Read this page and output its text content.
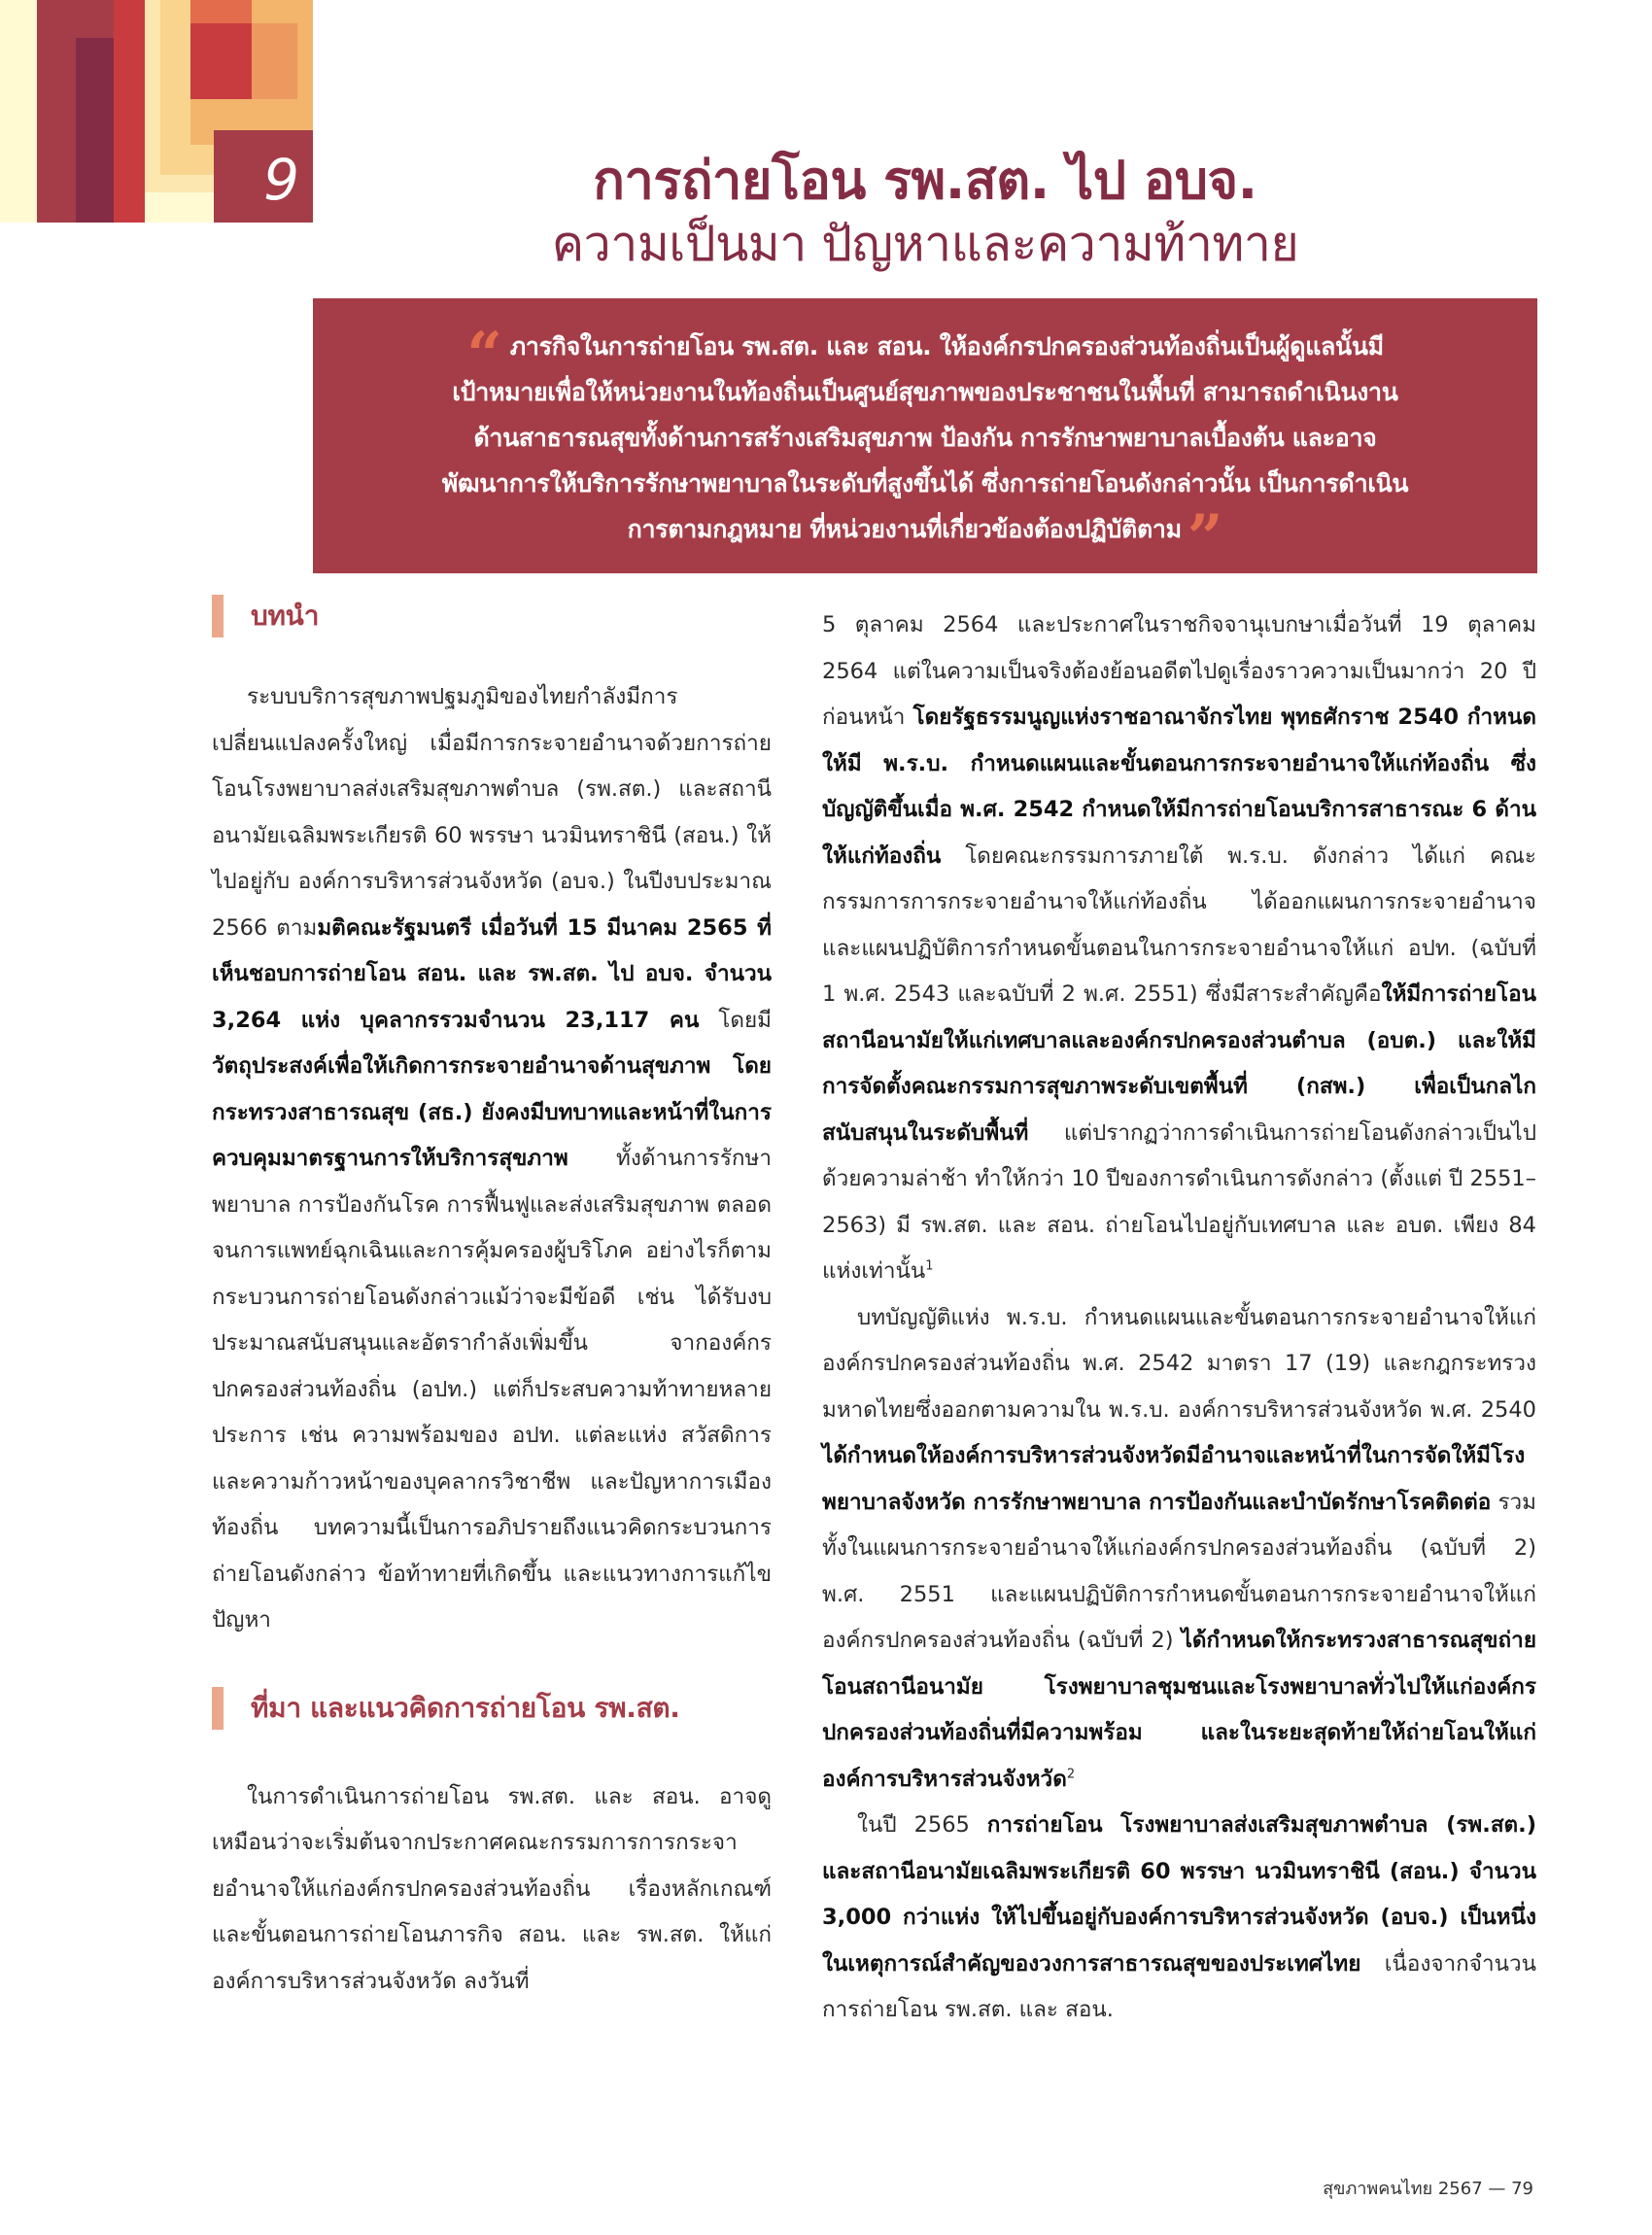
9	การถ่ายโอน รพ.สต. ไป อบจ.
ความเป็นมา ปัญหาและความท้าทาย
“ ภารกิจในการถ่ายโอน รพ.สต. และ สอน. ให้องค์กรปกครองส่วนท้องถิ่นเป็นผู้ดูแลนั้นมี
เป้าหมายเพื่อให้หน่วยงานในท้องถิ่นเป็นศูนย์สุขภาพของประชาชนในพื้นที่ สามารถดำเนินงาน
ด้านสาธารณสุขทั้งด้านการสร้างเสริมสุขภาพ ป้องกัน การรักษาพยาบาลเบื้องต้น และอาจ
พัฒนาการให้บริการรักษาพยาบาลในระดับที่สูงขึ้นได้ ซึ่งการถ่ายโอนดังกล่าวนั้น เป็นการดำเนิน
การตามกฎหมาย ที่หน่วยงานที่เกี่ยวข้องต้องปฏิบัติตาม”
บทนำ

ระบบบริการสุขภาพปฐมภูมิของไทยกำลังมีการเปลี่ยนแปลงครั้งใหญ่ เมื่อมีการกระจายอำนาจด้วยการถ่ายโอนโรงพยาบาลส่งเสริมสุขภาพตำบล (รพ.สต.) และสถานีอนามัยเฉลิมพระเกียรติ 60 พรรษา นวมินทราชินี (สอน.) ให้ไปอยู่กับ องค์การบริหารส่วนจังหวัด (อบจ.) ในปีงบประมาณ 2566 ตามมติคณะรัฐมนตรี เมื่อวันที่ 15 มีนาคม 2565 ที่เห็นชอบการถ่ายโอน สอน. และ รพ.สต. ไป อบจ. จำนวน 3,264 แห่ง บุคลากรรวมจำนวน 23,117 คน โดยมีวัตถุประสงค์เพื่อให้เกิดการกระจายอำนาจด้านสุขภาพ โดยกระทรวงสาธารณสุข (สธ.) ยังคงมีบทบาทและหน้าที่ในการควบคุมมาตรฐานการให้บริการสุขภาพ ทั้งด้านการรักษาพยาบาล การป้องกันโรค การฟื้นฟูและส่งเสริมสุขภาพ ตลอดจนการแพทย์ฉุกเฉินและการคุ้มครองผู้บริโภค อย่างไรก็ตาม กระบวนการถ่ายโอนดังกล่าวแม้ว่าจะมีข้อดี เช่น ได้รับงบประมาณสนับสนุนและอัตรากำลังเพิ่มขึ้น จากองค์กรปกครองส่วนท้องถิ่น (อปท.) แต่ก็ประสบความท้าทายหลายประการ เช่น ความพร้อมของ อปท. แต่ละแห่ง สวัสดิการและความก้าวหน้าของบุคลากรวิชาชีพ และปัญหาการเมืองท้องถิ่น บทความนี้เป็นการอภิปรายถึงแนวคิดกระบวนการถ่ายโอนดังกล่าว ข้อท้าทายที่เกิดขึ้น และแนวทางการแก้ไขปัญหา

ที่มา และแนวคิดการถ่ายโอน รพ.สต.

ในการดำเนินการถ่ายโอน รพ.สต. และ สอน. อาจดูเหมือนว่าจะเริ่มต้นจากประกาศคณะกรรมการการกระจายอำนาจให้แก่องค์กรปกครองส่วนท้องถิ่น เรื่องหลักเกณฑ์และขั้นตอนการถ่ายโอนภารกิจ สอน. และ รพ.สต. ให้แก่องค์การบริหารส่วนจังหวัด ลงวันที่

5 ตุลาคม 2564 และประกาศในราชกิจจานุเบกษาเมื่อวันที่ 19 ตุลาคม 2564 แต่ในความเป็นจริงต้องย้อนอดีตไปดูเรื่องราวความเป็นมากว่า 20 ปีก่อนหน้า โดยรัฐธรรมนูญแห่งราชอาณาจักรไทย พุทธศักราช 2540 กำหนดให้มี พ.ร.บ. กำหนดแผนและขั้นตอนการกระจายอำนาจให้แก่ท้องถิ่น ซึ่งบัญญัติขึ้นเมื่อ พ.ศ. 2542 กำหนดให้มีการถ่ายโอนบริการสาธารณะ 6 ด้าน ให้แก่ท้องถิ่น โดยคณะกรรมการภายใต้ พ.ร.บ. ดังกล่าว ได้แก่ คณะกรรมการการกระจายอำนาจให้แก่ท้องถิ่น ได้ออกแผนการกระจายอำนาจและแผนปฏิบัติการกำหนดขั้นตอนในการกระจายอำนาจให้แก่ อปท. (ฉบับที่ 1 พ.ศ. 2543 และฉบับที่ 2 พ.ศ. 2551) ซึ่งมีสาระสำคัญคือให้มีการถ่ายโอนสถานีอนามัยให้แก่เทศบาลและองค์กรปกครองส่วนตำบล (อบต.) และให้มีการจัดตั้งคณะกรรมการสุขภาพระดับเขตพื้นที่ (กสพ.) เพื่อเป็นกลไกสนับสนุนในระดับพื้นที่ แต่ปรากฏว่าการดำเนินการถ่ายโอนดังกล่าวเป็นไปด้วยความล่าช้า ทำให้กว่า 10 ปีของการดำเนินการดังกล่าว (ตั้งแต่ ปี 2551–2563) มี รพ.สต. และ สอน. ถ่ายโอนไปอยู่กับเทศบาล และ อบต. เพียง 84 แห่งเท่านั้น$^1$

บทบัญญัติแห่ง พ.ร.บ. กำหนดแผนและขั้นตอนการกระจายอำนาจให้แก่องค์กรปกครองส่วนท้องถิ่น พ.ศ. 2542 มาตรา 17 (19) และกฎกระทรวงมหาดไทยซึ่งออกตามความใน พ.ร.บ. องค์การบริหารส่วนจังหวัด พ.ศ. 2540 ได้กำหนดให้องค์การบริหารส่วนจังหวัดมีอำนาจและหน้าที่ในการจัดให้มีโรงพยาบาลจังหวัด การรักษาพยาบาล การป้องกันและบำบัดรักษาโรคติดต่อ รวมทั้งในแผนการกระจายอำนาจให้แก่องค์กรปกครองส่วนท้องถิ่น (ฉบับที่ 2) พ.ศ. 2551 และแผนปฏิบัติการกำหนดขั้นตอนการกระจายอำนาจให้แก่องค์กรปกครองส่วนท้องถิ่น (ฉบับที่ 2) ได้กำหนดให้กระทรวงสาธารณสุขถ่ายโอนสถานีอนามัย โรงพยาบาลชุมชนและโรงพยาบาลทั่วไปให้แก่องค์กรปกครองส่วนท้องถิ่นที่มีความพร้อม และในระยะสุดท้ายให้ถ่ายโอนให้แก่องค์การบริหารส่วนจังหวัด$^2$

ในปี 2565 การถ่ายโอน โรงพยาบาลส่งเสริมสุขภาพตำบล (รพ.สต.) และสถานีอนามัยเฉลิมพระเกียรติ 60 พรรษา นวมินทราชินี (สอน.) จำนวน 3,000 กว่าแห่ง ให้ไปขึ้นอยู่กับองค์การบริหารส่วนจังหวัด (อบจ.) เป็นหนึ่งในเหตุการณ์สำคัญของวงการสาธารณสุขของประเทศไทย เนื่องจากจำนวนการถ่ายโอน รพ.สต. และ สอน.

สุขภาพคนไทย 2567 — 79
